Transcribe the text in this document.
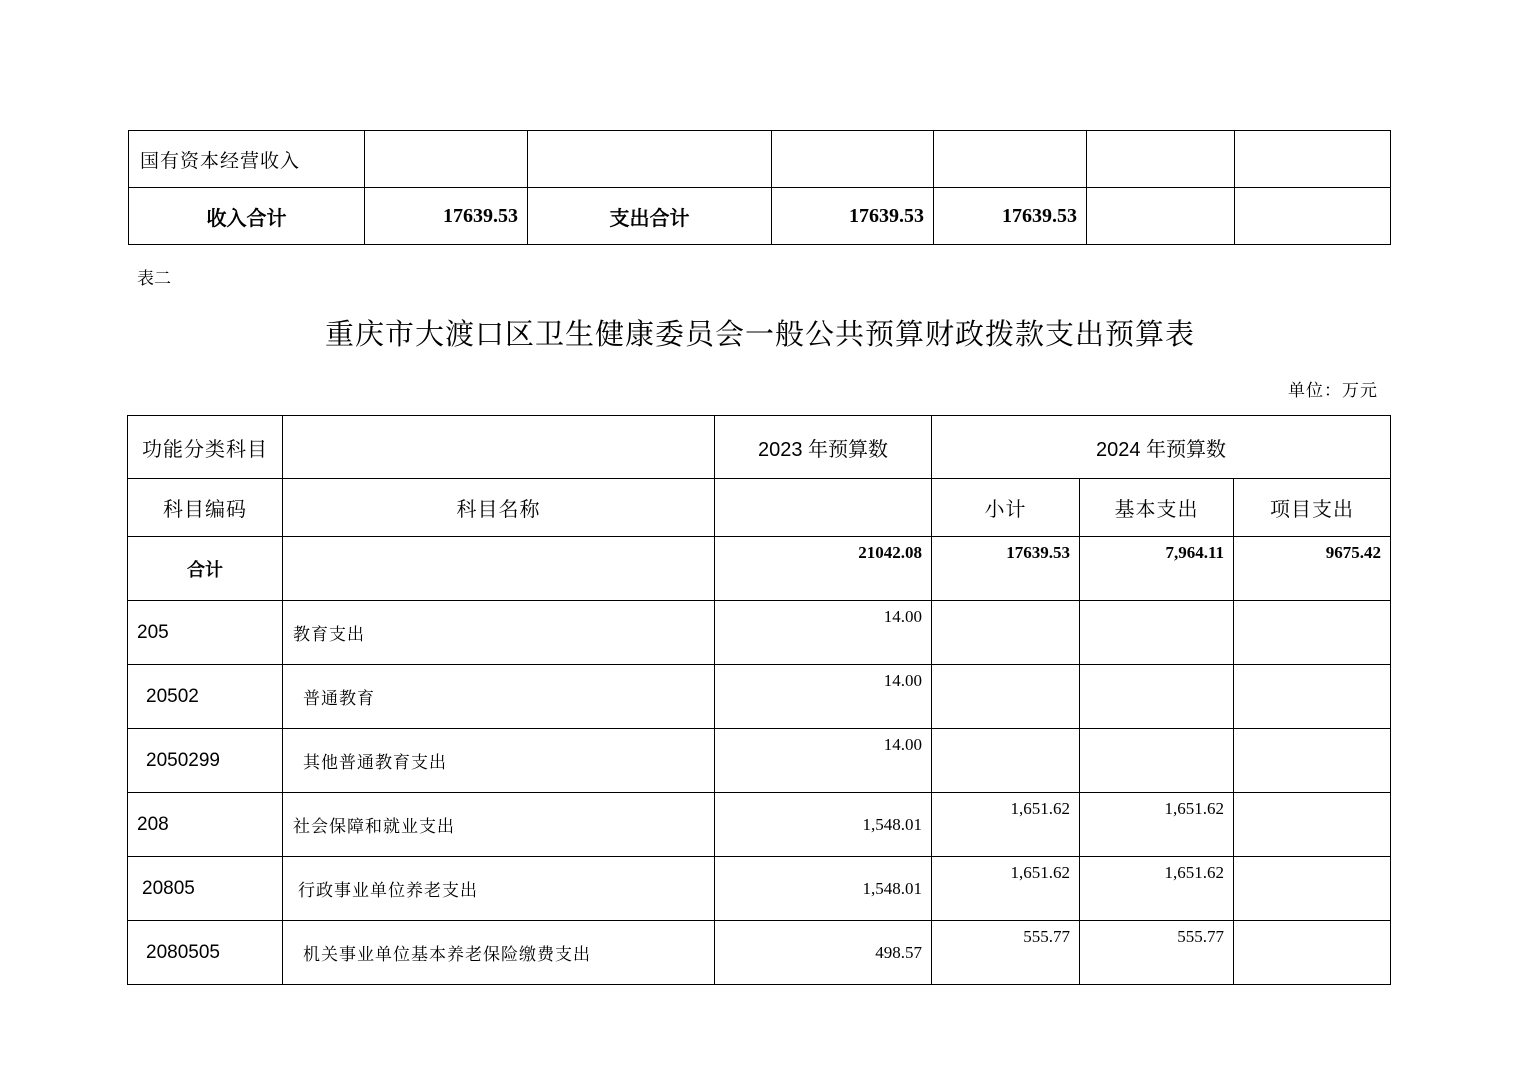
国有资本经营收入						
收入合计	17639.53	支出合计	17639.53	17639.53		
表二
重庆市大渡口区卫生健康委员会一般公共预算财政拨款支出预算表
单位：万元
功能分类科目		2023 年预算数	2024 年预算数		
科目编码	科目名称		小计	基本支出	项目支出
合计		21042.08	17639.53	7,964.11	9675.42
205	教育支出	14.00			
20502	普通教育	14.00			
2050299	其他普通教育支出	14.00			
208	社会保障和就业支出	1,548.01	1,651.62	1,651.62	
20805	行政事业单位养老支出	1,548.01	1,651.62	1,651.62	
2080505	机关事业单位基本养老保险缴费支出	498.57	555.77	555.77	
